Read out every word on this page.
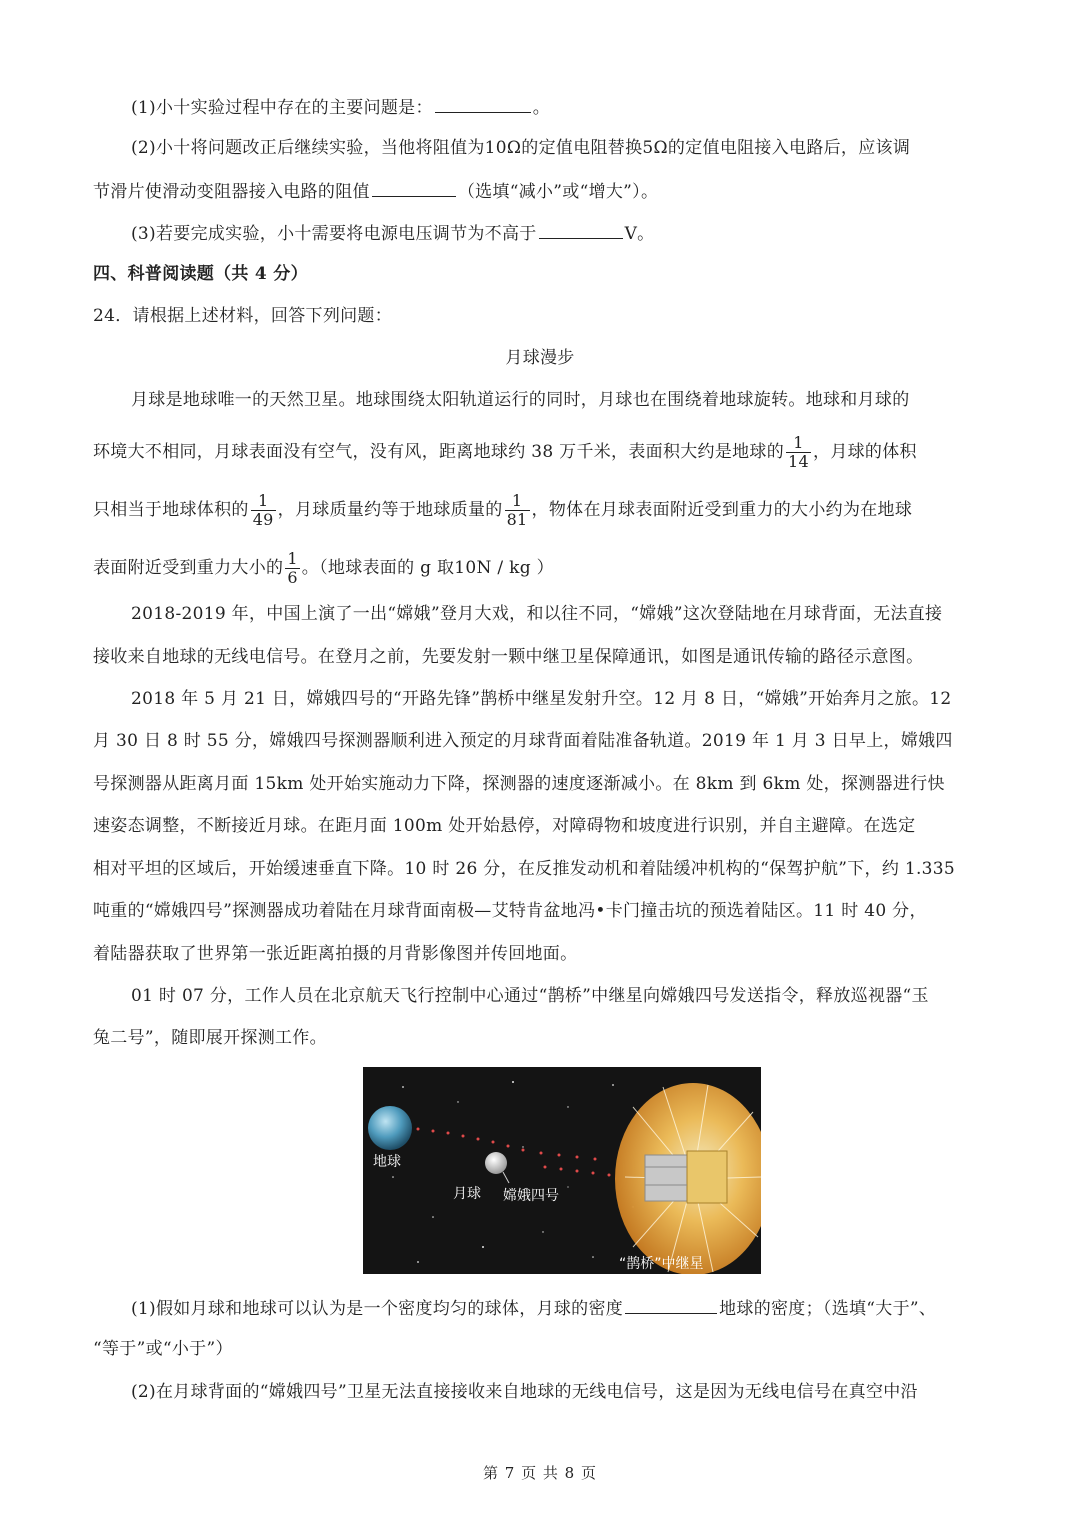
(1)小十实验过程中存在的主要问题是：	。
(2)小十将问题改正后继续实验，当他将阻值为10Ω的定值电阻替换5Ω的定值电阻接入电路后，应该调
节滑片使滑动变阻器接入电路的阻值	（选填“减小”或“增大”）。
(3)若要完成实验，小十需要将电源电压调节为不高于	V。
四、科普阅读题（共 4 分）
24．请根据上述材料，回答下列问题：
月球漫步
月球是地球唯一的天然卫星。地球围绕太阳轨道运行的同时，月球也在围绕着地球旋转。地球和月球的
环境大不相同，月球表面没有空气，没有风，距离地球约 38 万千米，表面积大约是地球的 $\frac{1}{14}$ ，月球的体积
只相当于地球体积的 $\frac{1}{49}$ ，月球质量约等于地球质量的 $\frac{1}{81}$ ，物体在月球表面附近受到重力的大小约为在地球
表面附近受到重力大小的 $\frac{1}{6}$ 。（地球表面的 g 取10N / kg ）
2018-2019 年，中国上演了一出“嫦娥”登月大戏，和以往不同，“嫦娥”这次登陆地在月球背面，无法直接
接收来自地球的无线电信号。在登月之前，先要发射一颗中继卫星保障通讯，如图是通讯传输的路径示意图。
2018 年 5 月 21 日，嫦娥四号的“开路先锋”鹊桥中继星发射升空。12 月 8 日，“嫦娥”开始奔月之旅。12
月 30 日 8 时 55 分，嫦娥四号探测器顺利进入预定的月球背面着陆准备轨道。2019 年 1 月 3 日早上，嫦娥四
号探测器从距离月面 15km 处开始实施动力下降，探测器的速度逐渐减小。在 8km 到 6km 处，探测器进行快
速姿态调整，不断接近月球。在距月面 100m 处开始悬停，对障碍物和坡度进行识别，并自主避障。在选定
相对平坦的区域后，开始缓速垂直下降。10 时 26 分，在反推发动机和着陆缓冲机构的“保驾护航”下，约 1.335
吨重的“嫦娥四号”探测器成功着陆在月球背面南极—艾特肯盆地冯•卡门撞击坑的预选着陆区。11 时 40 分，
着陆器获取了世界第一张近距离拍摄的月背影像图并传回地面。
01 时 07 分，工作人员在北京航天飞行控制中心通过“鹊桥”中继星向嫦娥四号发送指令，释放巡视器“玉
兔二号”，随即展开探测工作。
地球
月球 嫦娥四号
“鹊桥”中继星
(1)假如月球和地球可以认为是一个密度均匀的球体，月球的密度	地球的密度；（选填“大于”、
“等于”或“小于”）
(2)在月球背面的“嫦娥四号”卫星无法直接接收来自地球的无线电信号，这是因为无线电信号在真空中沿
第 7 页 共 8 页
